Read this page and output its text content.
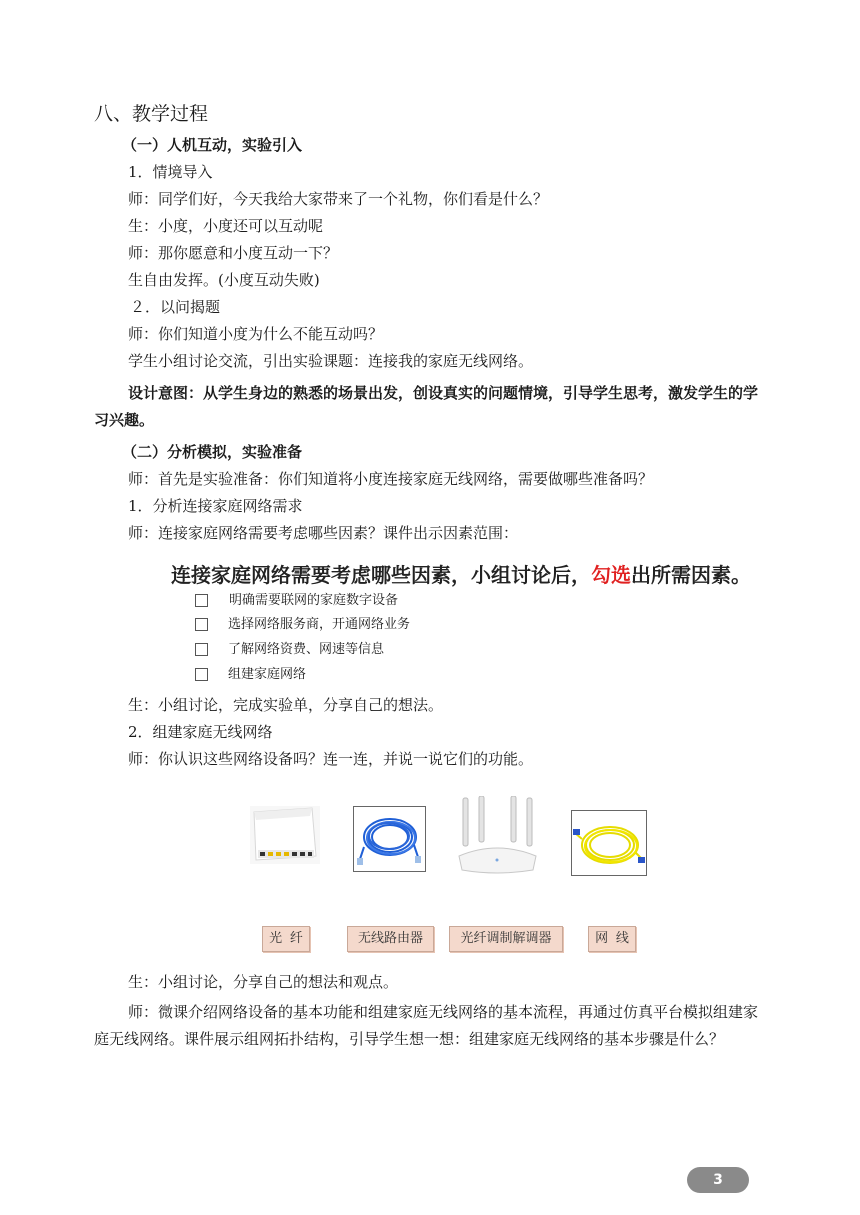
八、教学过程
（一）人机互动，实验引入
1．情境导入
师：同学们好，今天我给大家带来了一个礼物，你们看是什么？
生：小度，小度还可以互动呢
师：那你愿意和小度互动一下？
生自由发挥。(小度互动失败)
２．以问揭题
师：你们知道小度为什么不能互动吗？
学生小组讨论交流，引出实验课题：连接我的家庭无线网络。
设计意图：从学生身边的熟悉的场景出发，创设真实的问题情境，引导学生思考，激发学生的学习兴趣。
（二）分析模拟，实验准备
师：首先是实验准备：你们知道将小度连接家庭无线网络，需要做哪些准备吗？
1．分析连接家庭网络需求
师：连接家庭网络需要考虑哪些因素？课件出示因素范围：
连接家庭网络需要考虑哪些因素，小组讨论后，勾选出所需因素。
明确需要联网的家庭数字设备
选择网络服务商，开通网络业务
了解网络资费、网速等信息
组建家庭网络
生：小组讨论，完成实验单，分享自己的想法。
2．组建家庭无线网络
师：你认识这些网络设备吗？连一连，并说一说它们的功能。
光 纤	无线路由器	光纤调制解调器	网 线
生：小组讨论，分享自己的想法和观点。
师：微课介绍网络设备的基本功能和组建家庭无线网络的基本流程，再通过仿真平台模拟组建家庭无线网络。课件展示组网拓扑结构，引导学生想一想：组建家庭无线网络的基本步骤是什么？
3
